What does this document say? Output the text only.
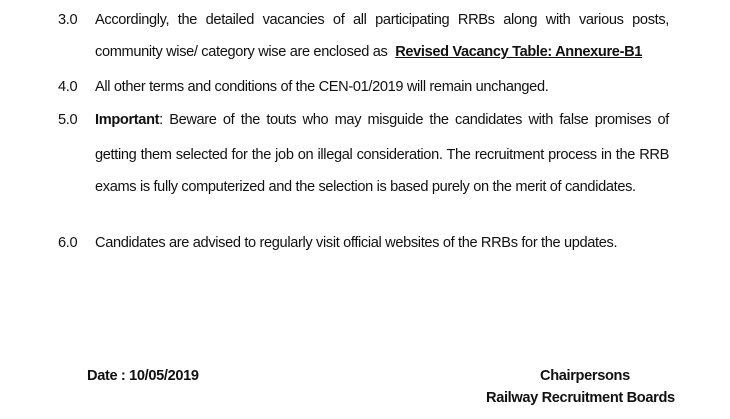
3.0 Accordingly, the detailed vacancies of all participating RRBs along with various posts,
community wise/ category wise are enclosed as Revised Vacancy Table: Annexure-B1
4.0 All other terms and conditions of the CEN-01/2019 will remain unchanged.
5.0 Important: Beware of the touts who may misguide the candidates with false promises of
getting them selected for the job on illegal consideration. The recruitment process in the RRB
exams is fully computerized and the selection is based purely on the merit of candidates.
6.0 Candidates are advised to regularly visit official websites of the RRBs for the updates.
Date : 10/05/2019	Chairpersons
Railway Recruitment Boards
